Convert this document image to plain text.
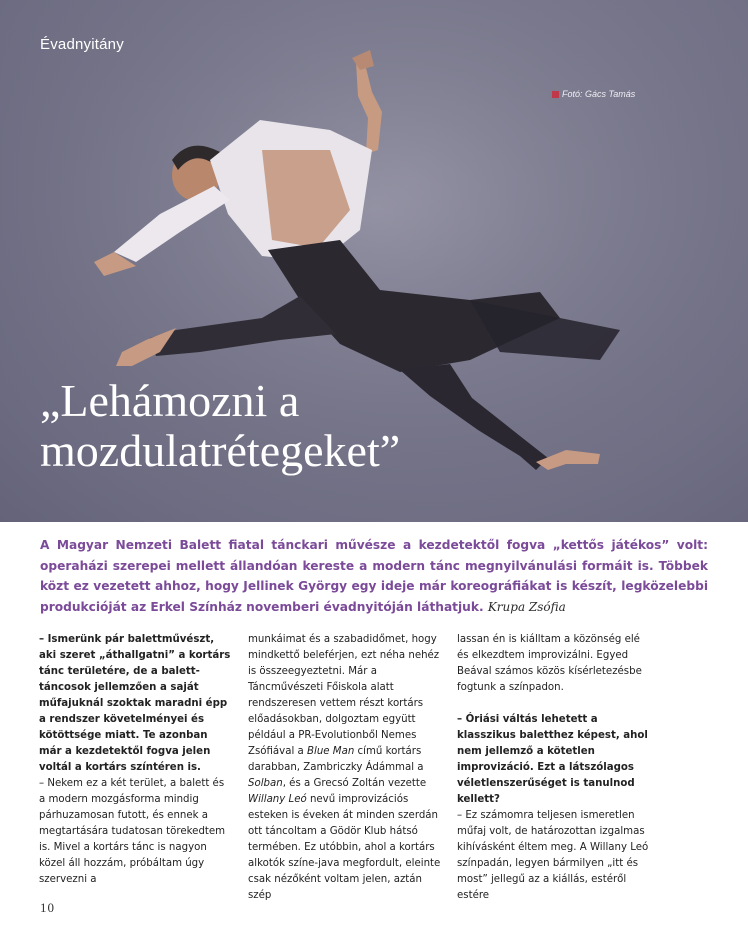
Évadnyitány
Fotó: Gács Tamás
„Lehámozni a
mozdulatrétegeket”

A Magyar Nemzeti Balett fiatal tánckari művésze a kezdetektől fogva „kettős játékos” volt: operaházi szerepei mellett állandóan kereste a modern tánc megnyilvánulási formáit is. Többek közt ez vezetett ahhoz, hogy Jellinek György egy ideje már koreográfiákat is készít, legközelebbi produkcióját az Erkel Színház novemberi évadnyitóján láthatjuk. Krupa Zsófia

– Ismerünk pár balettművészt, aki szeret „áthallgatni” a kortárs tánc területére, de a balett-táncosok jellemzően a saját műfajuknál szoktak maradni épp a rendszer követelményei és kötöttsége miatt. Te azonban már a kezdetektől fogva jelen voltál a kortárs színtéren is.

– Nekem ez a két terület, a balett és a modern mozgásforma mindig párhuzamosan futott, és ennek a megtartására tudatosan törekedtem is. Mivel a kortárs tánc is nagyon közel áll hozzám, próbáltam úgy szervezni a

munkáimat és a szabadidőmet, hogy mindkettő beleférjen, ezt néha nehéz is összeegyeztetni. Már a Táncművészeti Főiskola alatt rendszeresen vettem részt kortárs előadásokban, dolgoztam együtt például a PR-Evolutionből Nemes Zsófiával a Blue Man című kortárs darabban, Zambriczky Ádámmal a Solban, és a Grecsó Zoltán vezette Willany Leó nevű improvizációs esteken is éveken át minden szerdán ott táncoltam a Gödör Klub hátsó termében. Ez utóbbin, ahol a kortárs alkotók színe-java megfordult, eleinte csak nézőként voltam jelen, aztán szép

lassan én is kiálltam a közönség elé és elkezdtem improvizálni. Egyed Beával számos közös kísérletezésbe fogtunk a színpadon.

– Óriási váltás lehetett a klasszikus baletthez képest, ahol nem jellemző a kötetlen improvizáció. Ezt a látszólagos véletlenszerűséget is tanulnod kellett?

– Ez számomra teljesen ismeretlen műfaj volt, de határozottan izgalmas kihívásként éltem meg. A Willany Leó színpadán, legyen bármilyen „itt és most” jellegű az a kiállás, estéről estére

10
